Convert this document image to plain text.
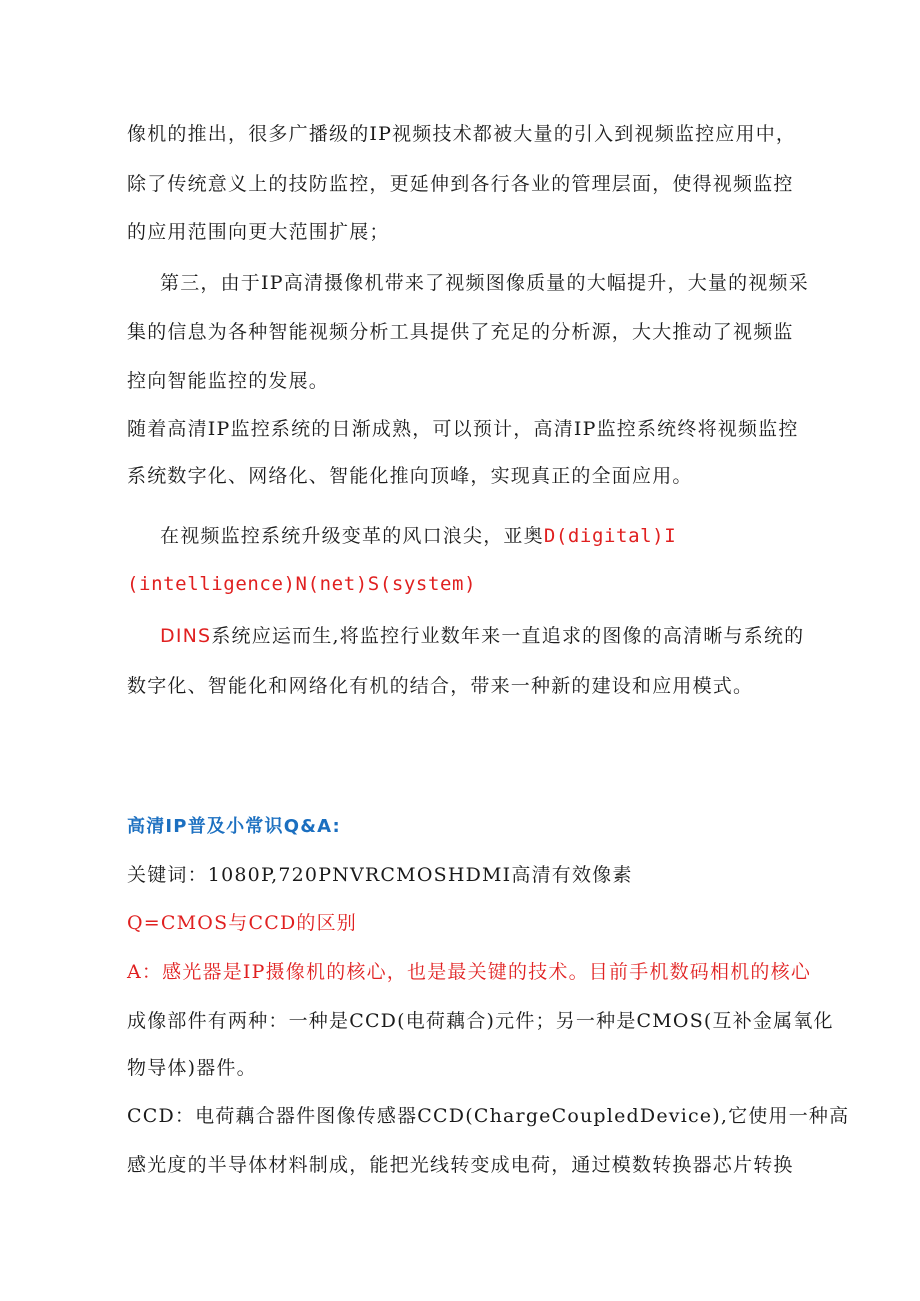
像机的推出，很多广播级的IP视频技术都被大量的引入到视频监控应用中，
除了传统意义上的技防监控，更延伸到各行各业的管理层面，使得视频监控
的应用范围向更大范围扩展；
第三，由于IP高清摄像机带来了视频图像质量的大幅提升，大量的视频采
集的信息为各种智能视频分析工具提供了充足的分析源，大大推动了视频监
控向智能监控的发展。
随着高清IP监控系统的日渐成熟，可以预计，高清IP监控系统终将视频监控
系统数字化、网络化、智能化推向顶峰，实现真正的全面应用。
在视频监控系统升级变革的风口浪尖，亚奥D(digital)I
(intelligence)N(net)S(system)
DINS系统应运而生,将监控行业数年来一直追求的图像的高清晰与系统的
数字化、智能化和网络化有机的结合，带来一种新的建设和应用模式。
高清IP普及小常识Q&A:
关键词：1080P,720PNVRCMOSHDMI高清有效像素
Q=CMOS与CCD的区别
A：感光器是IP摄像机的核心，也是最关键的技术。目前手机数码相机的核心
成像部件有两种：一种是CCD(电荷藕合)元件；另一种是CMOS(互补金属氧化
物导体)器件。
CCD：电荷藕合器件图像传感器CCD(ChargeCoupledDevice),它使用一种高
感光度的半导体材料制成，能把光线转变成电荷，通过模数转换器芯片转换
